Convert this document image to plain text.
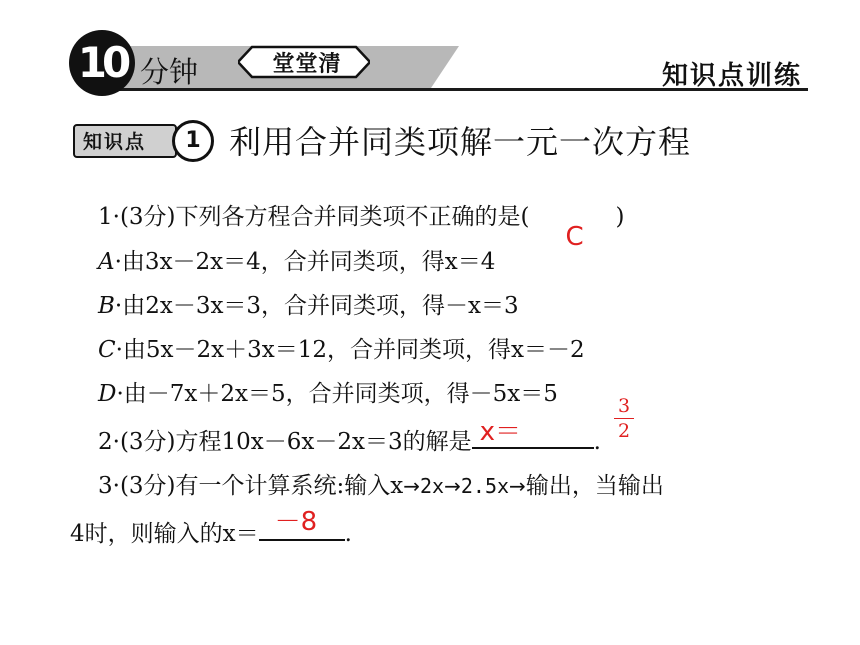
10 分钟	堂堂清	知识点训练
知识点	1 利用合并同类项解一元一次方程
1·(3分)下列各方程合并同类项不正确的是(
C
)
A·由3x－2x＝4，合并同类项，得x＝4
B·由2x－3x＝3，合并同类项，得－x＝3
C·由5x－2x＋3x＝12，合并同类项，得x＝－2
D·由－7x＋2x＝5，合并同类项，得－5x＝5
2·(3分)方程10x－6x－2x＝3的解是 x＝	.
3
2
3·(3分)有一个计算系统:输入x→2x→2.5x→输出，当输出
4时，则输入的x＝ －8 .
